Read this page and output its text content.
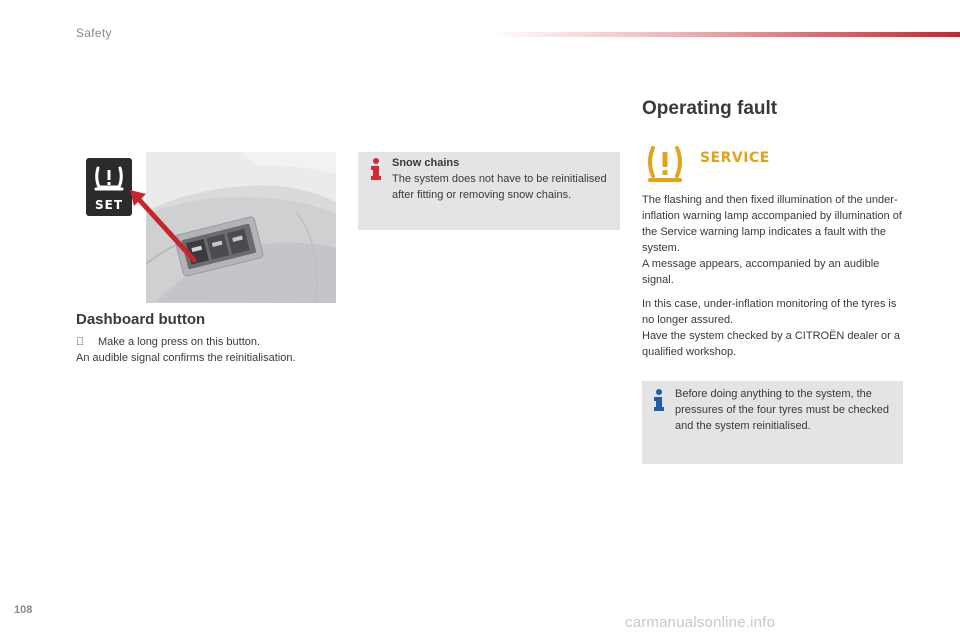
Safety
SET
Dashboard button
Make a long press on this button.
An audible signal confirms the reinitialisation.
Snow chains
The system does not have to be reinitialised after fitting or removing snow chains.
Operating fault
SERVICE
The flashing and then fixed illumination of the under-inflation warning lamp accompanied by illumination of the Service warning lamp indicates a fault with the system.
A message appears, accompanied by an audible signal.
In this case, under-inflation monitoring of the tyres is no longer assured.
Have the system checked by a CITROËN dealer or a qualified workshop.
Before doing anything to the system, the pressures of the four tyres must be checked and the system reinitialised.
108
carmanualsonline.info
